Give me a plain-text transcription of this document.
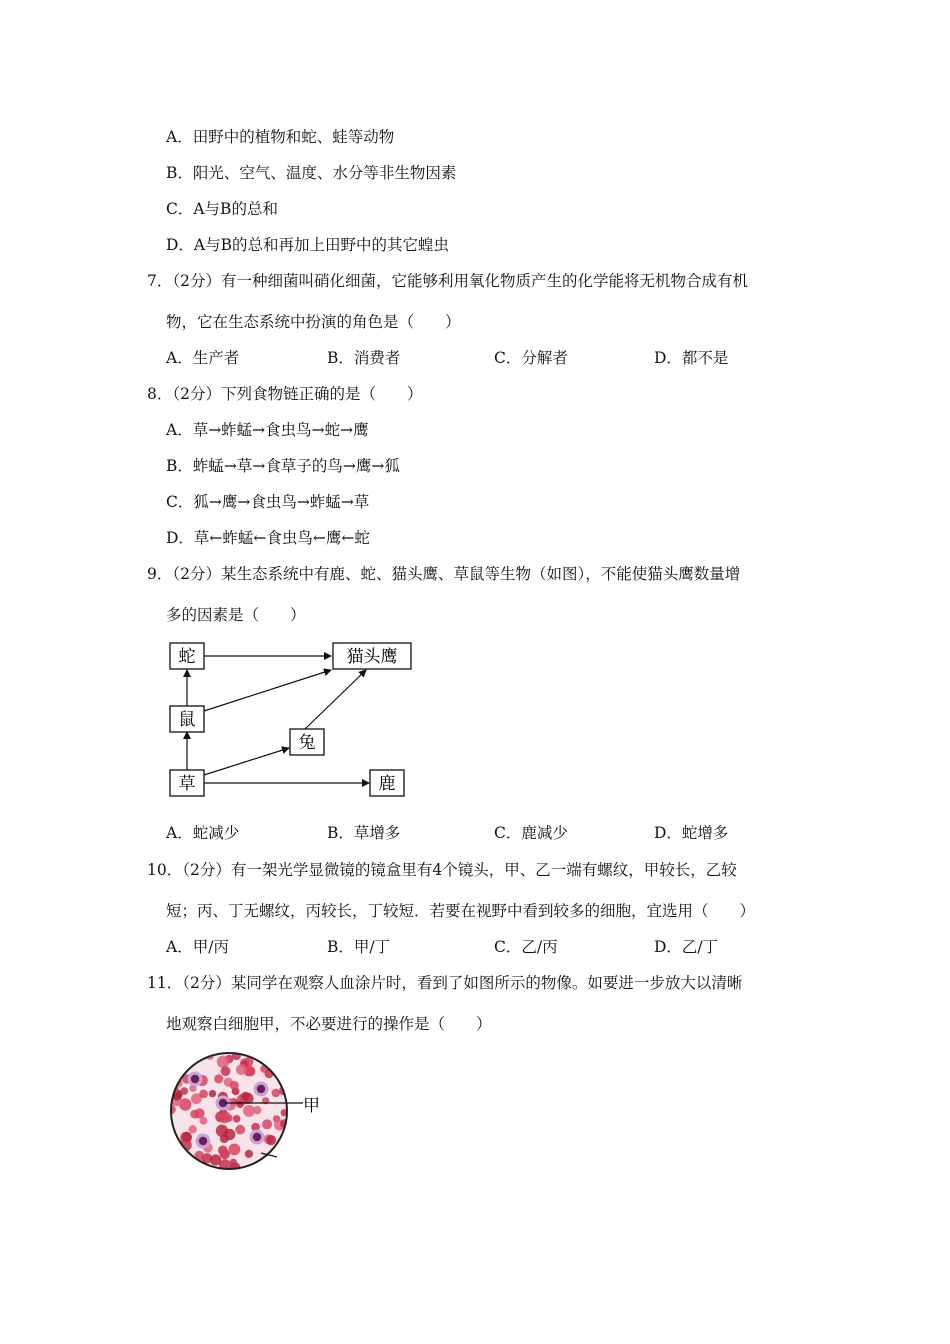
A．田野中的植物和蛇、蛙等动物
B．阳光、空气、温度、水分等非生物因素
C．A与B的总和
D．A与B的总和再加上田野中的其它蝗虫
7．（2分）有一种细菌叫硝化细菌，它能够利用氧化物质产生的化学能将无机物合成有机
物，它在生态系统中扮演的角色是（　　）
A．生产者	B．消费者	C．分解者	D．都不是
8．（2分）下列食物链正确的是（　　）
A．草→蚱蜢→食虫鸟→蛇→鹰
B．蚱蜢→草→食草子的鸟→鹰→狐
C．狐→鹰→食虫鸟→蚱蜢→草
D．草←蚱蜢←食虫鸟←鹰←蛇
9．（2分）某生态系统中有鹿、蛇、猫头鹰、草鼠等生物（如图），不能使猫头鹰数量增
多的因素是（　　）
蛇	猫头鹰
鼠
兔
草	鹿
A．蛇减少	B．草增多	C．鹿减少	D．蛇增多
10．（2分）有一架光学显微镜的镜盒里有4个镜头，甲、乙一端有螺纹，甲较长，乙较
短；丙、丁无螺纹，丙较长，丁较短．若要在视野中看到较多的细胞，宜选用（　　）
A．甲/丙	B．甲/丁	C．乙/丙	D．乙/丁
11．（2分）某同学在观察人血涂片时，看到了如图所示的物像。如要进一步放大以清晰
地观察白细胞甲，不必要进行的操作是（　　）
甲
